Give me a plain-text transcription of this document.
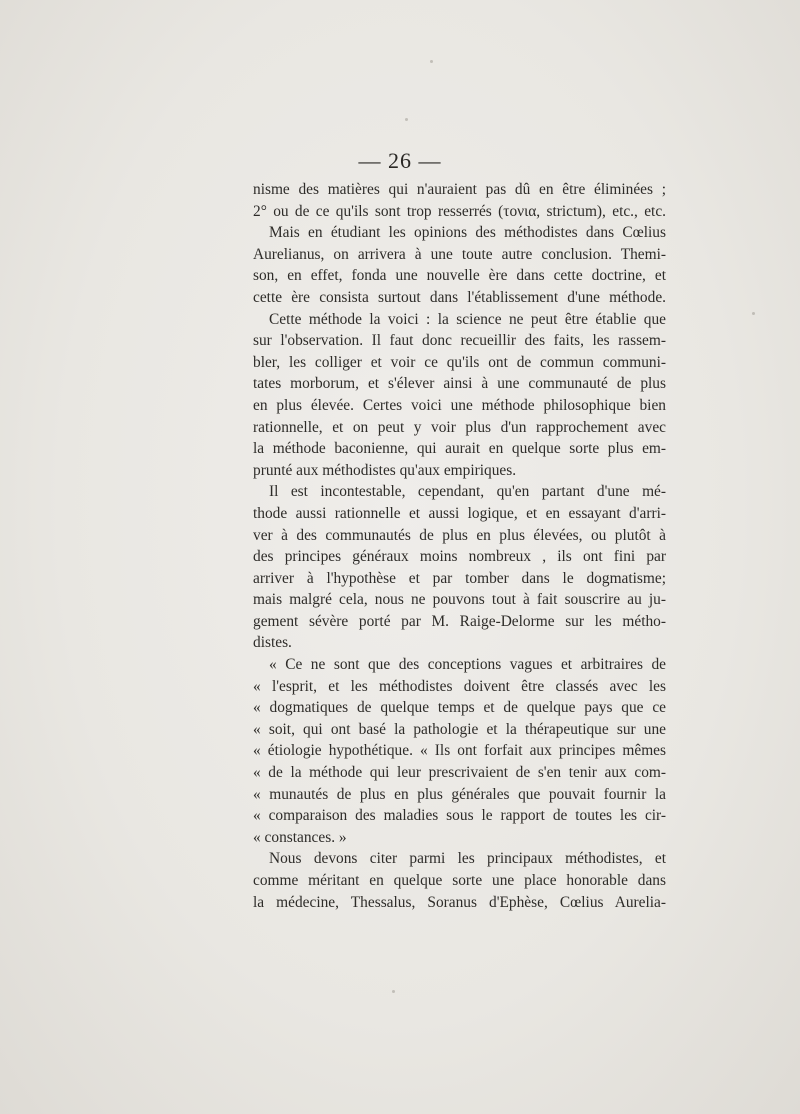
— 26 —
nisme des matières qui n'auraient pas dû en être éliminées ;
2° ou de ce qu'ils sont trop resserrés (τονια, strictum), etc., etc.
Mais en étudiant les opinions des méthodistes dans Cœlius
Aurelianus, on arrivera à une toute autre conclusion. Themi-
son, en effet, fonda une nouvelle ère dans cette doctrine, et
cette ère consista surtout dans l'établissement d'une méthode.
Cette méthode la voici : la science ne peut être établie que
sur l'observation. Il faut donc recueillir des faits, les rassem-
bler, les colliger et voir ce qu'ils ont de commun communi-
tates morborum, et s'élever ainsi à une communauté de plus
en plus élevée. Certes voici une méthode philosophique bien
rationnelle, et on peut y voir plus d'un rapprochement avec
la méthode baconienne, qui aurait en quelque sorte plus em-
prunté aux méthodistes qu'aux empiriques.
Il est incontestable, cependant, qu'en partant d'une mé-
thode aussi rationnelle et aussi logique, et en essayant d'arri-
ver à des communautés de plus en plus élevées, ou plutôt à
des principes généraux moins nombreux , ils ont fini par
arriver à l'hypothèse et par tomber dans le dogmatisme;
mais malgré cela, nous ne pouvons tout à fait souscrire au ju-
gement sévère porté par M. Raige-Delorme sur les métho-
distes.
« Ce ne sont que des conceptions vagues et arbitraires de
« l'esprit, et les méthodistes doivent être classés avec les
« dogmatiques de quelque temps et de quelque pays que ce
« soit, qui ont basé la pathologie et la thérapeutique sur une
« étiologie hypothétique. « Ils ont forfait aux principes mêmes
« de la méthode qui leur prescrivaient de s'en tenir aux com-
« munautés de plus en plus générales que pouvait fournir la
« comparaison des maladies sous le rapport de toutes les cir-
« constances. »
Nous devons citer parmi les principaux méthodistes, et
comme méritant en quelque sorte une place honorable dans
la médecine, Thessalus, Soranus d'Ephèse, Cœlius Aurelia-
